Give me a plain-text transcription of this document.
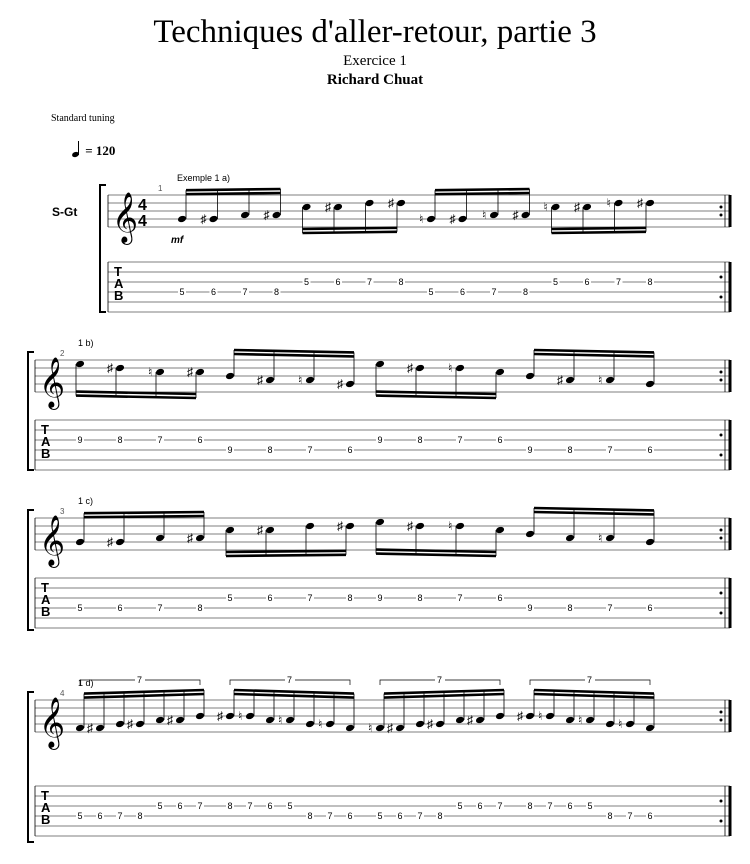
Techniques d'aller-retour, partie 3
Exercice 1
Richard Chuat
Standard tuning
= 120
S-Gt 𝄞
T
A
B
4
4
1
Exemple 1 a)
5
♯
6	7
♯
8
5
♯
6	7
♯
8
♮
5
♯
6
♮
7
♯
8
♮
5
♯
6
♮
7
♯
8
mf
𝄞
T
A
B
2
1 b)
9
♯
8
♮
7
♯
6
9
♯
8
♮
7
♯
6
9
♯
8
♮
7	6
9
♯
8
♮
7	6
𝄞
T
A
B
3
1 c)
5
♯
6	7
♯
8
5
♯
6	7
♯
8	9
♯
8
♮
7	6
9	8
♮
7	6
𝄞
T
A
B
4
1 d)
5
♯
6 7
♯
8
5
♯
6 7
7
♯
8
♮
7 6
♮
5
8
♮
7 6
7
♮
5
♯
6 7
♯
8
5
♯
6 7
7
♯
8
♮
7 6
♮
5
8
♮
7 6
7
